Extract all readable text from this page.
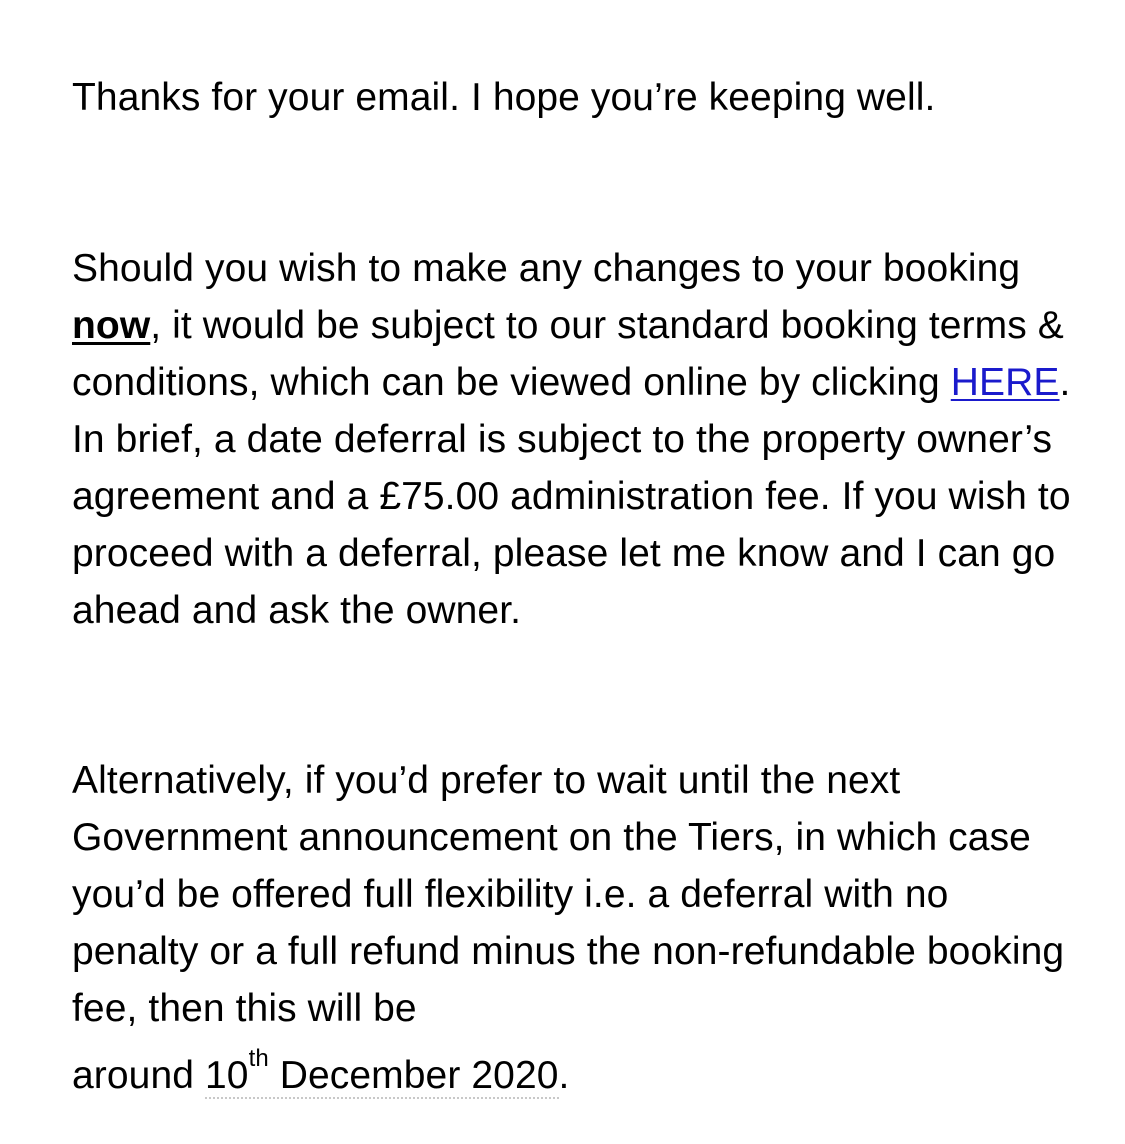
Thanks for your email. I hope you’re keeping well.

Should you wish to make any changes to your booking now, it would be subject to our standard booking terms & conditions, which can be viewed online by clicking HERE. In brief, a date deferral is subject to the property owner’s agreement and a £75.00 administration fee. If you wish to proceed with a deferral, please let me know and I can go ahead and ask the owner.

Alternatively, if you’d prefer to wait until the next Government announcement on the Tiers, in which case you’d be offered full flexibility i.e. a deferral with no penalty or a full refund minus the non-refundable booking fee, then this will be
around 10th December 2020.
